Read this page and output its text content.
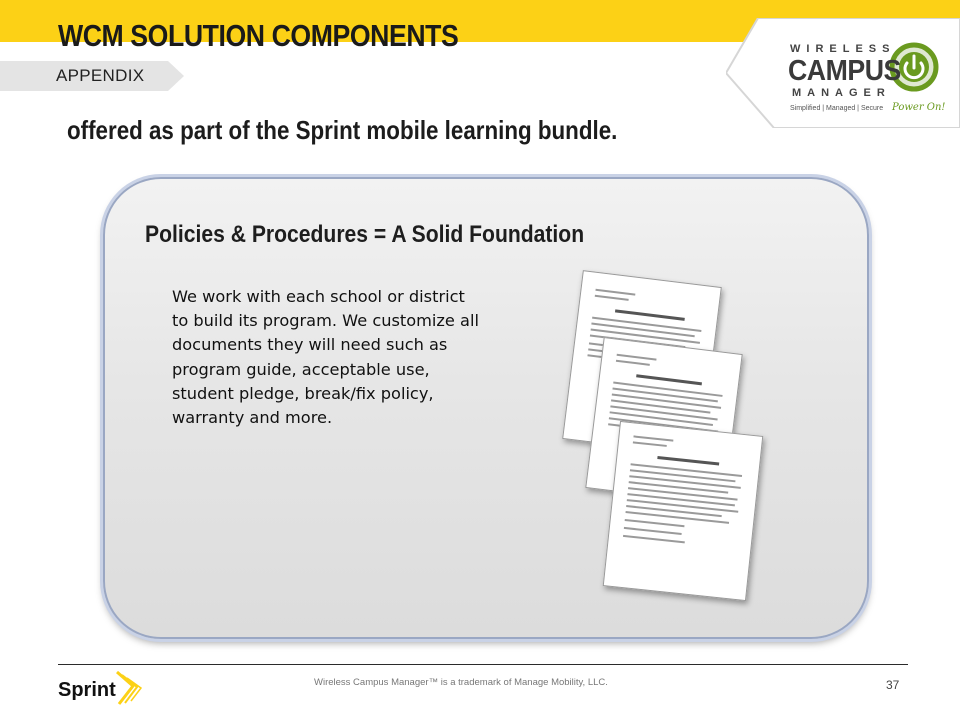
WCM SOLUTION COMPONENTS
APPENDIX
WIRELESS
CAMPUS
MANAGER
Simplified | Managed | Secure Power On!
offered as part of the Sprint mobile learning bundle.
Policies & Procedures = A Solid Foundation

We work with each school or district to build its program. We customize all documents they will need such as program guide, acceptable use, student pledge, break/fix policy, warranty and more.

Sprint	Wireless Campus Manager™ is a trademark of Manage Mobility, LLC.	37
